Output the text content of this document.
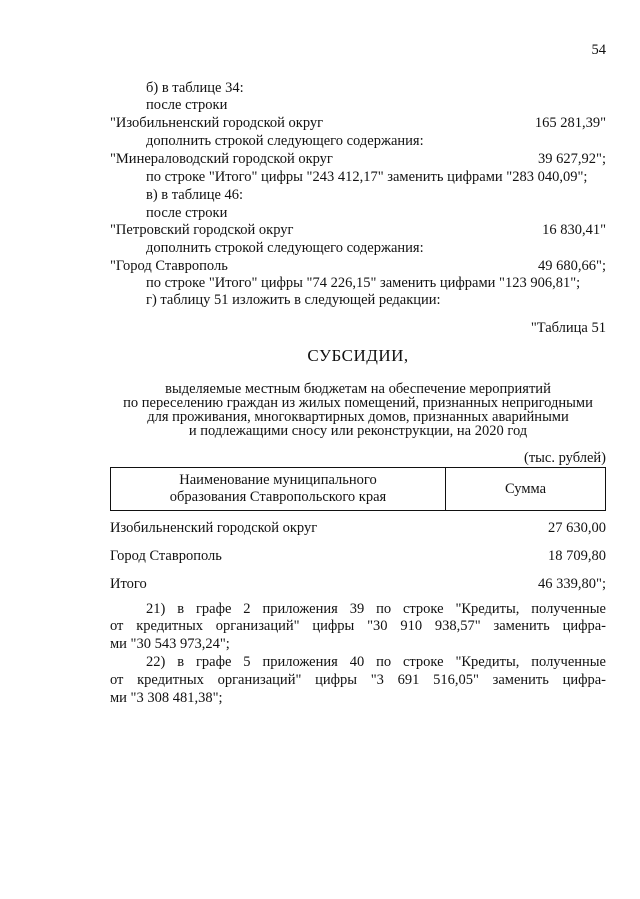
54
б) в таблице 34:
после строки
"Изобильненский городской округ	165 281,39"
дополнить строкой следующего содержания:
"Минераловодский городской округ	39 627,92";
по строке "Итого" цифры "243 412,17" заменить цифрами "283 040,09";
в) в таблице 46:
после строки
"Петровский городской округ	16 830,41"
дополнить строкой следующего содержания:
"Город Ставрополь	49 680,66";
по строке "Итого" цифры "74 226,15" заменить цифрами "123 906,81";
г) таблицу 51 изложить в следующей редакции:
"Таблица 51
СУБСИДИИ,
выделяемые местным бюджетам на обеспечение мероприятий
по переселению граждан из жилых помещений, признанных непригодными
для проживания, многоквартирных домов, признанных аварийными
и подлежащими сносу или реконструкции, на 2020 год
(тыс. рублей)
Наименование муниципального
образования Ставропольского края	Сумма
Изобильненский городской округ	27 630,00
Город Ставрополь	18 709,80
Итого	46 339,80";
21) в графе 2 приложения 39 по строке "Кредиты, полученные
от кредитных организаций" цифры "30 910 938,57" заменить цифра-
ми "30 543 973,24";
22) в графе 5 приложения 40 по строке "Кредиты, полученные
от кредитных организаций" цифры "3 691 516,05" заменить цифра-
ми "3 308 481,38";
